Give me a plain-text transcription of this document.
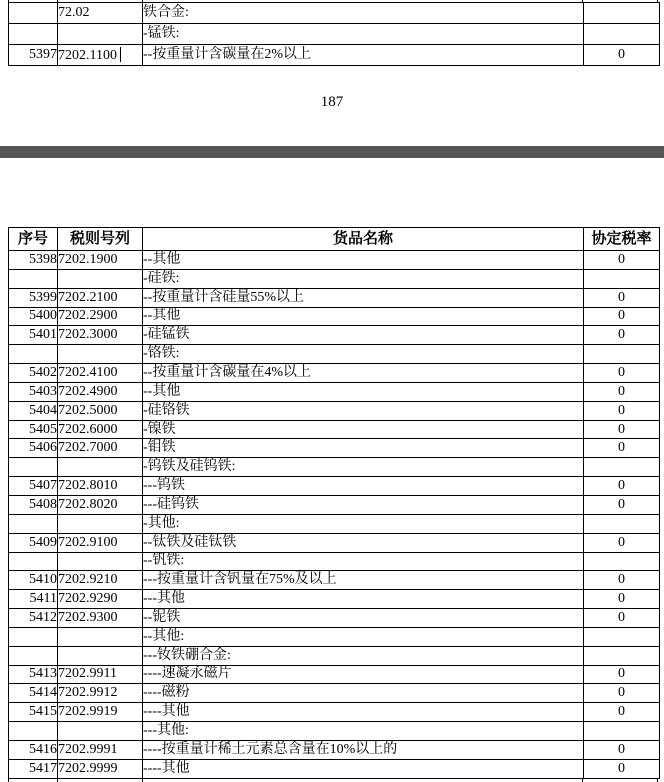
	72.02	铁合金:	
		-锰铁:	
5397	7202.1100	--按重量计含碳量在2%以上	0
187
序号	税则号列	货品名称	协定税率
5398	7202.1900	--其他	0
		-硅铁:	
5399	7202.2100	--按重量计含硅量55%以上	0
5400	7202.2900	--其他	0
5401	7202.3000	-硅锰铁	0
		-铬铁:	
5402	7202.4100	--按重量计含碳量在4%以上	0
5403	7202.4900	--其他	0
5404	7202.5000	-硅铬铁	0
5405	7202.6000	-镍铁	0
5406	7202.7000	-钼铁	0
		-钨铁及硅钨铁:	
5407	7202.8010	---钨铁	0
5408	7202.8020	---硅钨铁	0
		-其他:	
5409	7202.9100	--钛铁及硅钛铁	0
		--钒铁:	
5410	7202.9210	---按重量计含钒量在75%及以上	0
5411	7202.9290	---其他	0
5412	7202.9300	--铌铁	0
		--其他:	
		---钕铁硼合金:	
5413	7202.9911	----速凝永磁片	0
5414	7202.9912	----磁粉	0
5415	7202.9919	----其他	0
		---其他:	
5416	7202.9991	----按重量计稀土元素总含量在10%以上的	0
5417	7202.9999	----其他	0
